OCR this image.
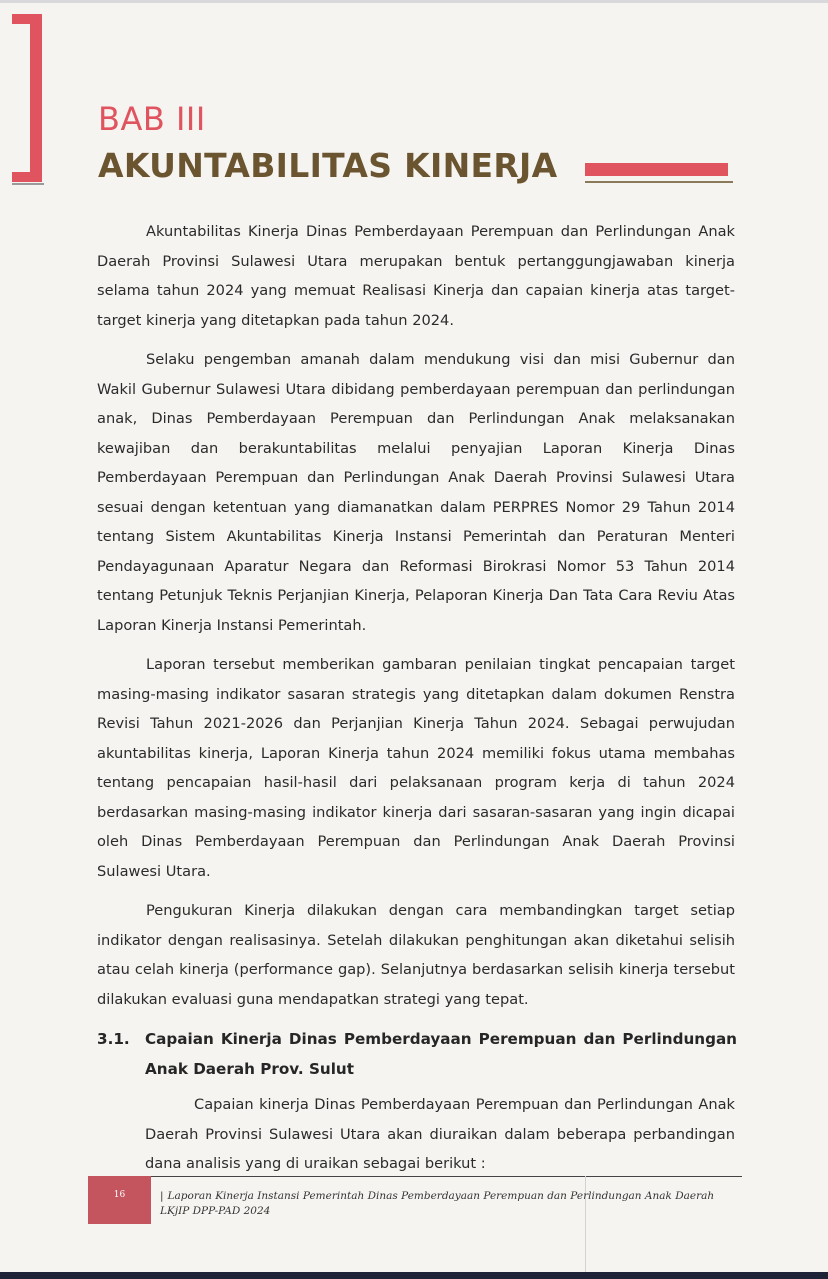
BAB III
AKUNTABILITAS KINERJA

Akuntabilitas Kinerja Dinas Pemberdayaan Perempuan dan Perlindungan Anak Daerah Provinsi Sulawesi Utara merupakan bentuk pertanggungjawaban kinerja selama tahun 2024 yang memuat Realisasi Kinerja dan capaian kinerja atas target-target kinerja yang ditetapkan pada tahun 2024.

Selaku pengemban amanah dalam mendukung visi dan misi Gubernur dan Wakil Gubernur Sulawesi Utara dibidang pemberdayaan perempuan dan perlindungan anak, Dinas Pemberdayaan Perempuan dan Perlindungan Anak melaksanakan kewajiban dan berakuntabilitas melalui penyajian Laporan Kinerja Dinas Pemberdayaan Perempuan dan Perlindungan Anak Daerah Provinsi Sulawesi Utara sesuai dengan ketentuan yang diamanatkan dalam PERPRES Nomor 29 Tahun 2014 tentang Sistem Akuntabilitas Kinerja Instansi Pemerintah dan Peraturan Menteri Pendayagunaan Aparatur Negara dan Reformasi Birokrasi Nomor 53 Tahun 2014 tentang Petunjuk Teknis Perjanjian Kinerja, Pelaporan Kinerja Dan Tata Cara Reviu Atas Laporan Kinerja Instansi Pemerintah.

Laporan tersebut memberikan gambaran penilaian tingkat pencapaian target masing-masing indikator sasaran strategis yang ditetapkan dalam dokumen Renstra Revisi Tahun 2021-2026 dan Perjanjian Kinerja Tahun 2024. Sebagai perwujudan akuntabilitas kinerja, Laporan Kinerja tahun 2024 memiliki fokus utama membahas tentang pencapaian hasil-hasil dari pelaksanaan program kerja di tahun 2024 berdasarkan masing-masing indikator kinerja dari sasaran-sasaran yang ingin dicapai oleh Dinas Pemberdayaan Perempuan dan Perlindungan Anak Daerah Provinsi Sulawesi Utara.

Pengukuran Kinerja dilakukan dengan cara membandingkan target setiap indikator dengan realisasinya. Setelah dilakukan penghitungan akan diketahui selisih atau celah kinerja (performance gap). Selanjutnya berdasarkan selisih kinerja tersebut dilakukan evaluasi guna mendapatkan strategi yang tepat.

3.1. Capaian Kinerja Dinas Pemberdayaan Perempuan dan Perlindungan Anak Daerah Prov. Sulut

Capaian kinerja Dinas Pemberdayaan Perempuan dan Perlindungan Anak Daerah Provinsi Sulawesi Utara akan diuraikan dalam beberapa perbandingan dana analisis yang di uraikan sebagai berikut :

16	| Laporan Kinerja Instansi Pemerintah Dinas Pemberdayaan Perempuan dan Perlindungan Anak Daerah
LKjIP DPP-PAD 2024
